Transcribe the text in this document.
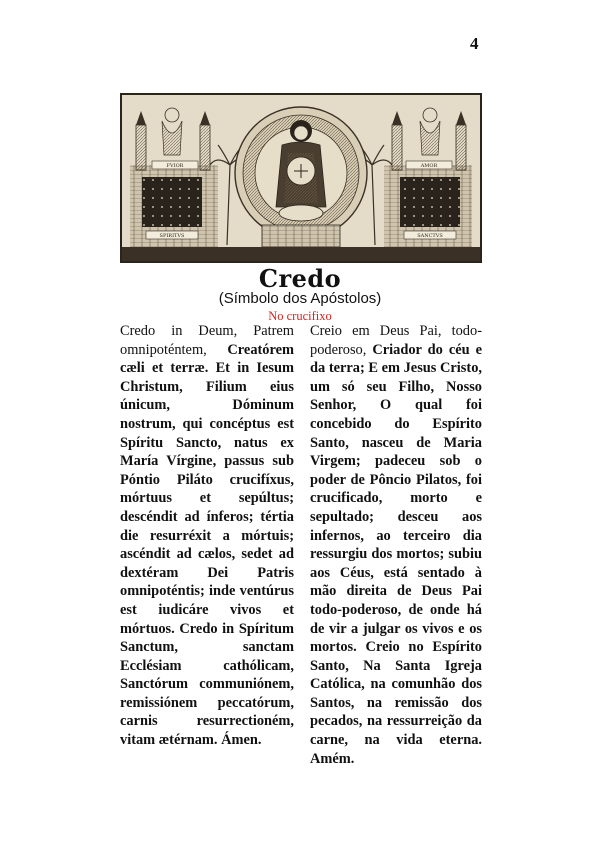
4
FVIOR
SPIRITVS
AMOR
SANCTVS
Credo
(Símbolo dos Apóstolos)
No crucifixo
Credo in Deum, Patrem omnipoténtem, Creatórem cæli et terræ. Et in Iesum Christum, Filium eius únicum, Dóminum nostrum, qui concéptus est Spíritu Sancto, natus ex María Vírgine, passus sub Póntio Piláto crucifíxus, mórtuus et sepúltus; descéndit ad ínferos; tértia die resurréxit a mórtuis; ascéndit ad cælos, sedet ad dextéram Dei Patris omnipoténtis; inde ventúrus est iudicáre vivos et mórtuos. Credo in Spíritum Sanctum, sanctam Ecclésiam cathólicam, Sanctórum communiónem, remissiónem peccatórum, carnis resurrectioném, vitam ætérnam. Ámen.
Creio em Deus Pai, todo-poderoso, Criador do céu e da terra; E em Jesus Cristo, um só seu Filho, Nosso Senhor, O qual foi concebido do Espírito Santo, nasceu de Maria Virgem; padeceu sob o poder de Pôncio Pilatos, foi crucificado, morto e sepultado; desceu aos infernos, ao terceiro dia ressurgiu dos mortos; subiu aos Céus, está sentado à mão direita de Deus Pai todo-poderoso, de onde há de vir a julgar os vivos e os mortos. Creio no Espírito Santo, Na Santa Igreja Católica, na comunhão dos Santos, na remissão dos pecados, na ressurreição da carne, na vida eterna. Amém.
